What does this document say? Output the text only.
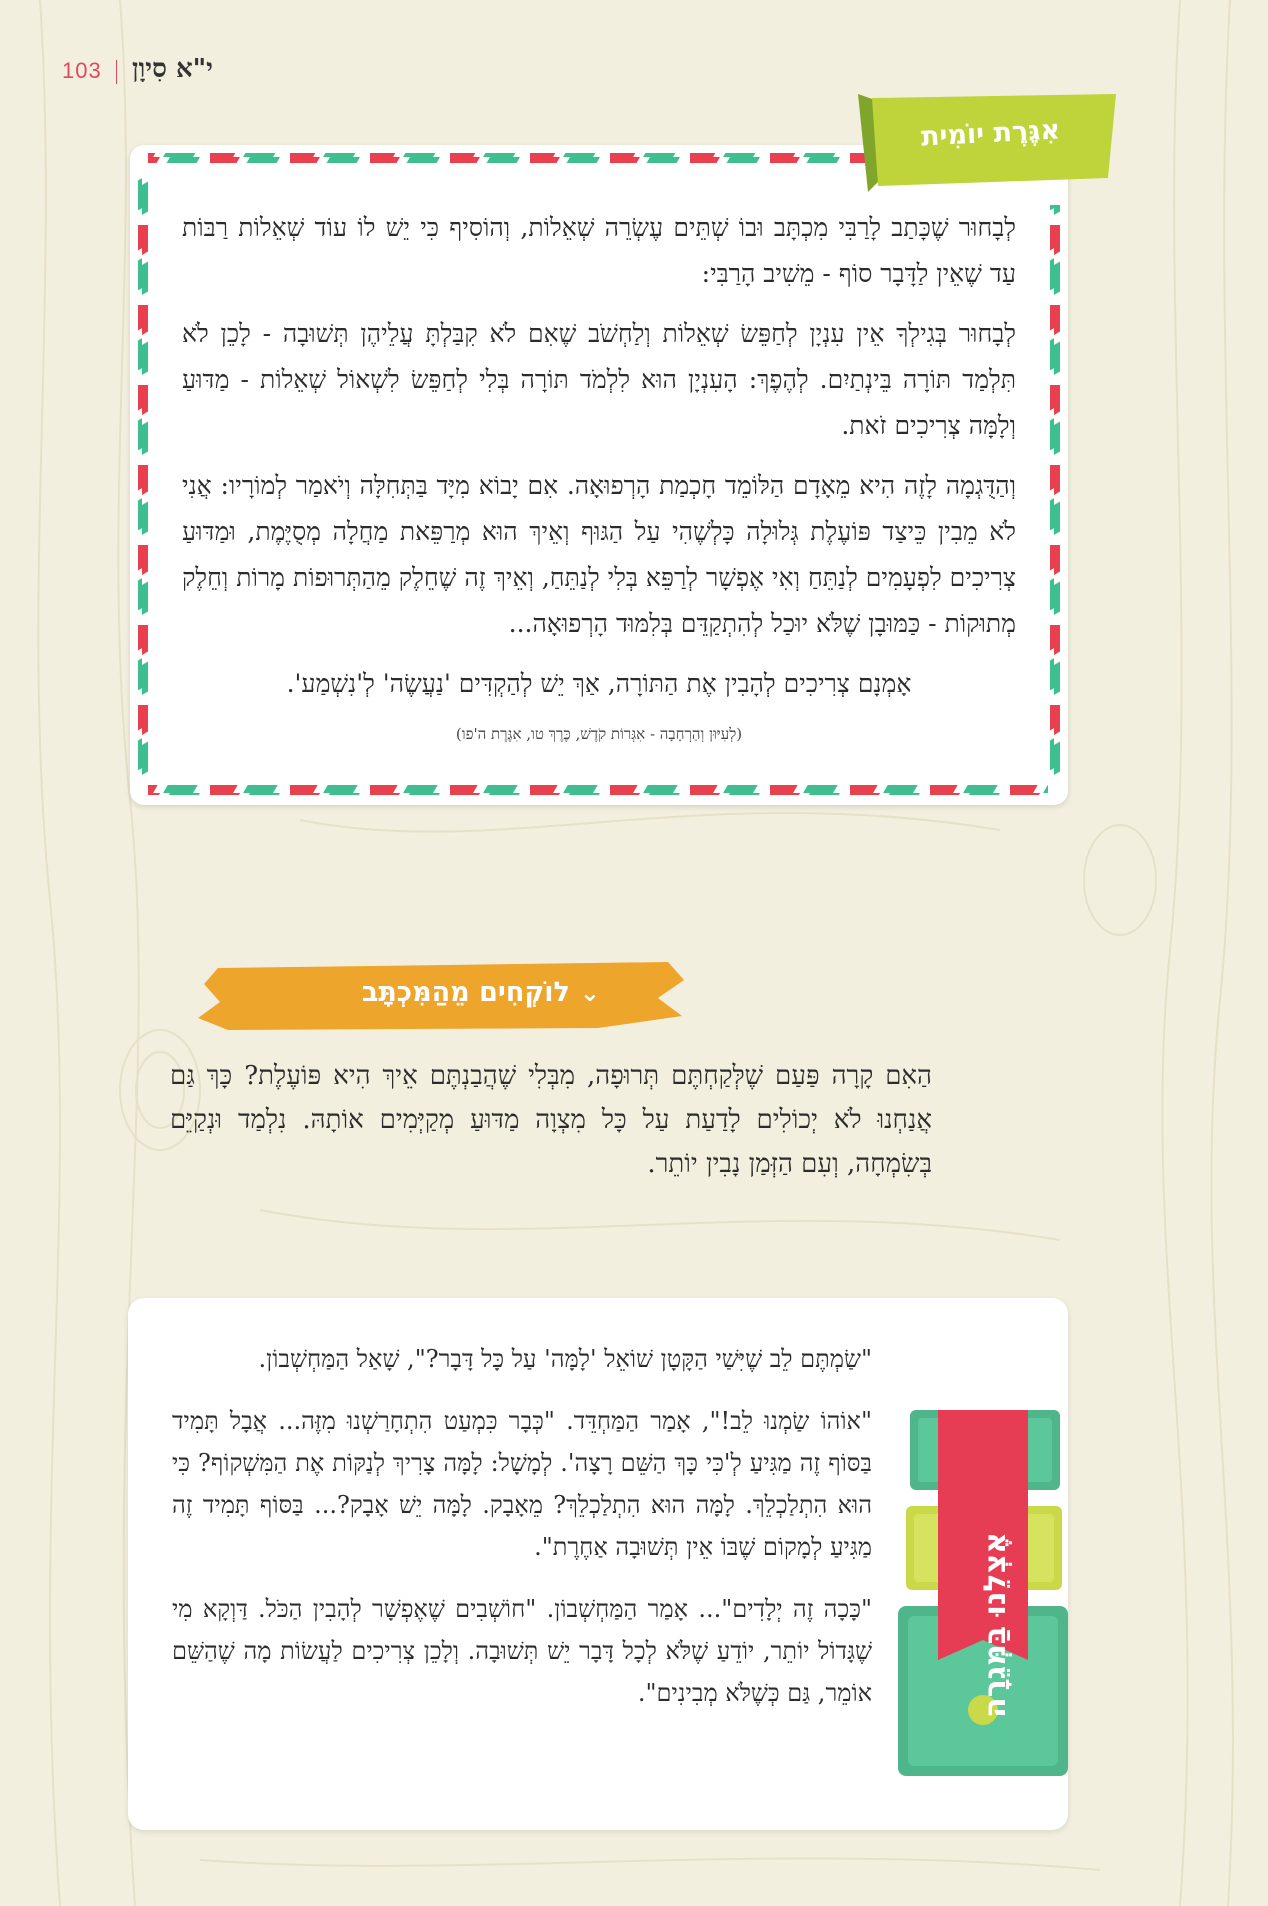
103 י"א סִיוָן

לְבָחוּר שֶׁכָּתַב לָרַבִּי מִכְתָּב וּבוֹ שְׁתֵּים עֶשְׂרֵה שְׁאֵלוֹת, וְהוֹסִיף כִּי יֵשׁ לוֹ עוֹד שְׁאֵלוֹת רַבּוֹת עַד שֶׁאֵין לַדָּבָר סוֹף - מֵשִׁיב הָרַבִּי:

לְבָחוּר בְּגִילְךָ אֵין עִנְיָן לְחַפֵּשׂ שְׁאֵלוֹת וְלַחְשֹׁב שֶׁאִם לֹא קִבַּלְתָּ עֲלֵיהֶן תְּשׁוּבָה - לָכֵן לֹא תִּלְמַד תּוֹרָה בֵּינְתַיִם. לְהֶפֶךְ: הָעִנְיָן הוּא לִלְמֹד תּוֹרָה בְּלִי לְחַפֵּשׂ לִשְׁאוֹל שְׁאֵלוֹת - מַדּוּעַ וְלָמָּה צְרִיכִים זֹאת.

וְהַדֻּגְמָה לָזֶה הִיא מֵאָדָם הַלּוֹמֵד חָכְמַת הָרְפוּאָה. אִם יָבוֹא מִיָּד בַּתְּחִלָּה וְיֹאמַר לְמוֹרָיו: אֲנִי לֹא מֵבִין כֵּיצַד פּוֹעֶלֶת גְּלוּלָה כָּלְשֶׁהִי עַל הַגּוּף וְאֵיךְ הוּא מְרַפֵּאת מַחֲלָה מְסֻיֶּמֶת, וּמַדּוּעַ צְרִיכִים לִפְעָמִים לְנַתֵּחַ וְאִי אֶפְשָׁר לְרַפֵּא בְּלִי לְנַתֵּחַ, וְאֵיךְ זֶה שֶׁחֵלֶק מֵהַתְּרוּפוֹת מָרוֹת וְחֵלֶק מְתוּקוֹת - כַּמּוּבָן שֶׁלֹּא יוּכַל לְהִתְקַדֵּם בְּלִמּוּד הָרְפוּאָה...

אָמְנָם צְרִיכִים לְהָבִין אֶת הַתּוֹרָה, אַךְ יֵשׁ לְהַקְדִּים 'נַעֲשֶׂה' לְ'נִשְׁמַע'.

(לְעִיּוּן וְהַרְחָבָה - אִגְּרוֹת קֹדֶשׁ, כֶּרֶךְ טו, אִגֶּרֶת ה'פו)
אִגֶּרֶת יוֹמִית
⌄לוֹקְחִים מֵהַמִּכְתָּב
הַאִם קָרָה פַּעַם שֶׁלְּקַחְתֶּם תְּרוּפָה, מִבְּלִי שֶׁהֲבַנְתֶּם אֵיךְ הִיא פּוֹעֶלֶת? כָּךְ גַּם אֲנַחְנוּ לֹא יְכוֹלִים לָדַעַת עַל כָּל מִצְוָה מַדּוּעַ מְקַיְּמִים אוֹתָהּ. נִלְמַד וּנְקַיֵּם בְּשִׂמְחָה, וְעִם הַזְּמַן נָבִין יוֹתֵר.

"שַׂמְתֶּם לֵב שֶׁיִּשַׁי הַקָּטָן שׁוֹאֵל 'לָמָּה' עַל כָּל דָּבָר?", שָׁאַל הַמַּחְשְׁבוֹן.

"אוֹהוֹ שַׂמְנוּ לֵב!", אָמַר הַמַּחְדֵּד. "כְּבָר כִּמְעַט הִתְחָרַשְׁנוּ מִזֶּה... אֲבָל תָּמִיד בַּסּוֹף זֶה מַגִּיעַ לְ'כִּי כָּךְ הַשֵּׁם רָצָה'. לְמָשָׁל: לָמָּה צָרִיךְ לְנַקּוֹת אֶת הַמִּשְׁקוֹף? כִּי הוּא הִתְלַכְלֵךְ. לָמָּה הוּא הִתְלַכְלֵךְ? מֵאָבָק. לָמָּה יֵשׁ אָבָק?... בַּסּוֹף תָּמִיד זֶה מַגִּיעַ לְמָקוֹם שֶׁבּוֹ אֵין תְּשׁוּבָה אַחֶרֶת".

"כָּכָה זֶה יְלָדִים"... אָמַר הַמַּחְשְׁבוֹן. "חוֹשְׁבִים שֶׁאֶפְשָׁר לְהָבִין הַכֹּל. דַּוְקָא מִי שֶׁגָּדוֹל יוֹתֵר, יוֹדֵעַ שֶׁלֹּא לְכָל דָּבָר יֵשׁ תְּשׁוּבָה. וְלָכֵן צְרִיכִים לַעֲשׂוֹת מָה שֶׁהַשֵּׁם אוֹמֵר, גַּם כְּשֶׁלֹּא מְבִינִים".	אֶצְלֵנוּ בַּמְּגֵרָה
